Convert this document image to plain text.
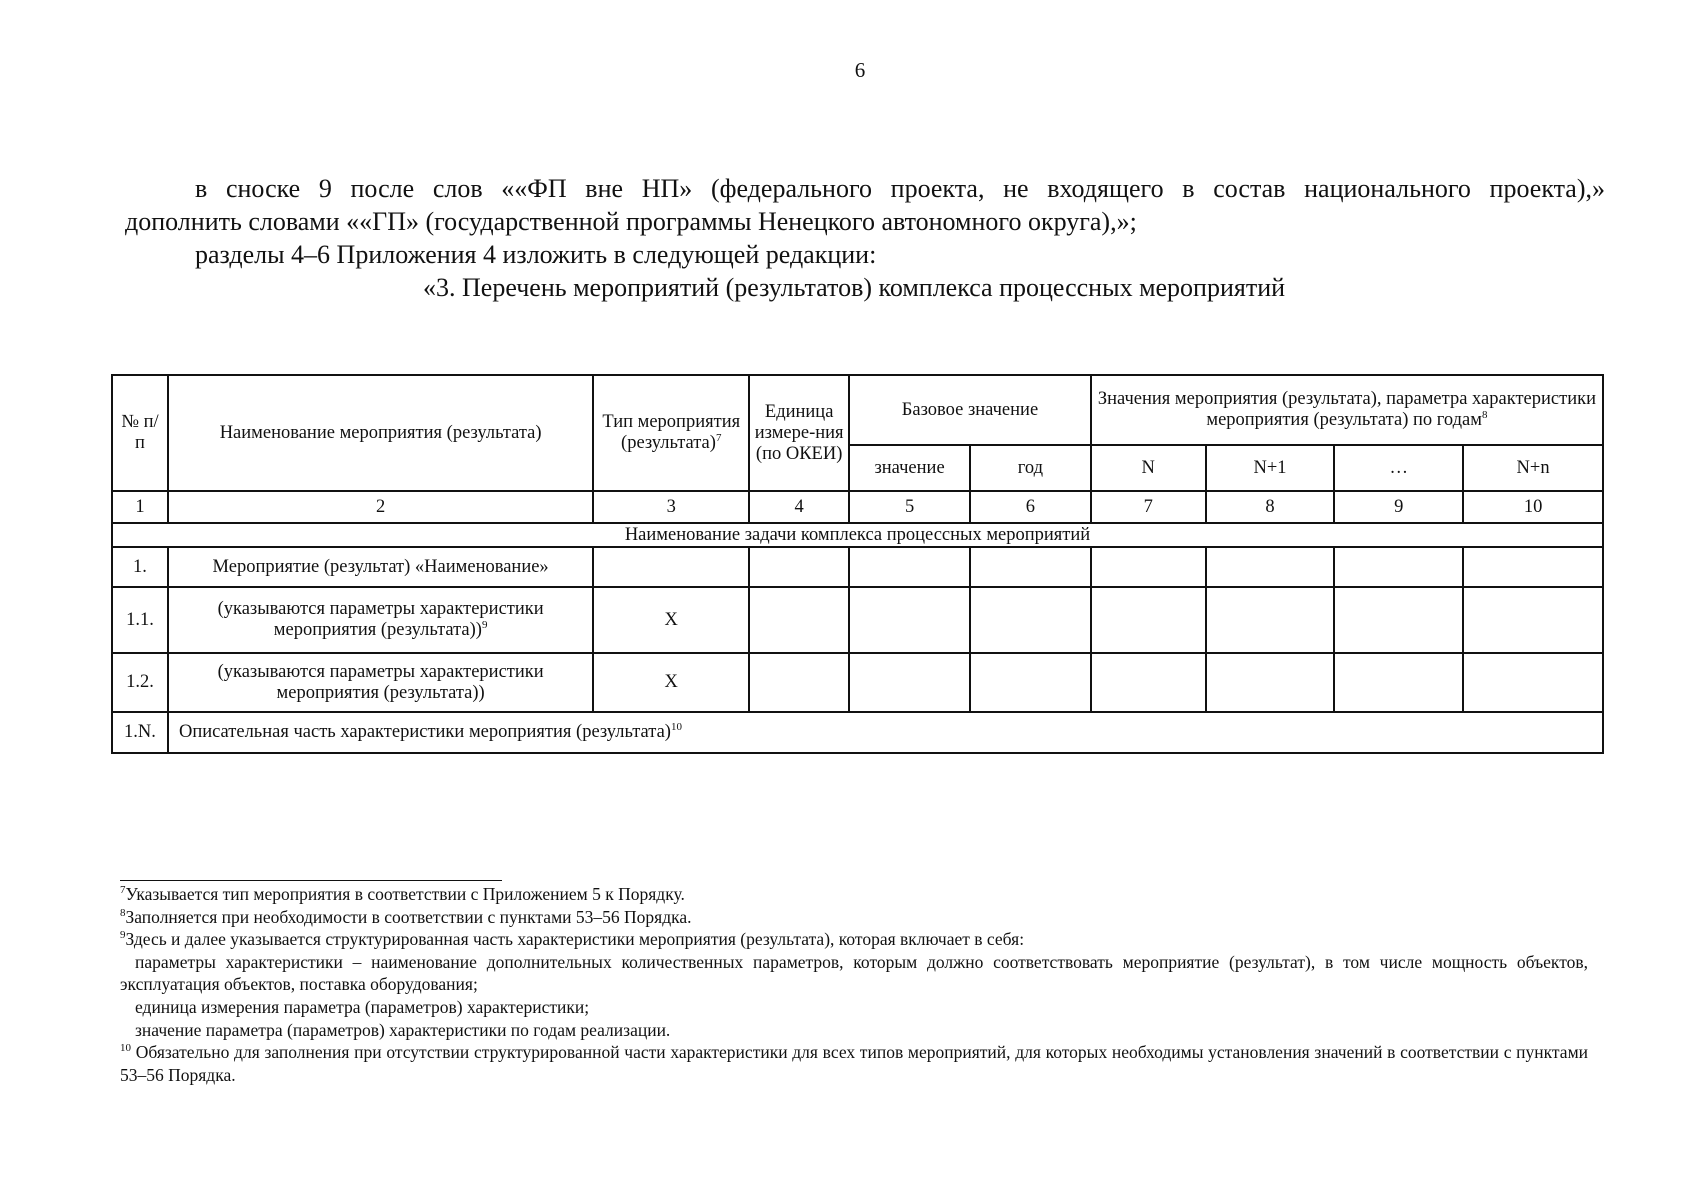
6

в сноске 9 после слов ««ФП вне НП» (федерального проекта, не входящего в состав национального проекта),»

дополнить словами ««ГП» (государственной программы Ненецкого автономного округа),»;

разделы 4–6 Приложения 4 изложить в следующей редакции:

«3. Перечень мероприятий (результатов) комплекса процессных мероприятий

№ п/п	Наименование мероприятия (результата)	Тип мероприятия (результата)$^7$	Единица измере-ния (по ОКЕИ)	Базовое значение		Значения мероприятия (результата), параметра характеристики мероприятия (результата) по годам$^8$
				значение	год	N	N+1	…	N+n
1	2	3	4	5	6	7	8	9	10
Наименование задачи комплекса процессных мероприятий									
1.	Мероприятие (результат) «Наименование»								
1.1.	(указываются параметры характеристики мероприятия (результата))$^9$	Х							
1.2.	(указываются параметры характеристики мероприятия (результата))	Х							
1.N.	Описательная часть характеристики мероприятия (результата)$^{10}$

$^7$Указывается тип мероприятия в соответствии с Приложением 5 к Порядку.

$^8$Заполняется при необходимости в соответствии с пунктами 53–56 Порядка.

$^9$Здесь и далее указывается структурированная часть характеристики мероприятия (результата), которая включает в себя:

параметры характеристики – наименование дополнительных количественных параметров, которым должно соответствовать мероприятие (результат), в том числе мощность объектов, эксплуатация объектов, поставка оборудования;

единица измерения параметра (параметров) характеристики;

значение параметра (параметров) характеристики по годам реализации.

$^{10}$ Обязательно для заполнения при отсутствии структурированной части характеристики для всех типов мероприятий, для которых необходимы установления значений в соответствии с пунктами 53–56 Порядка.
